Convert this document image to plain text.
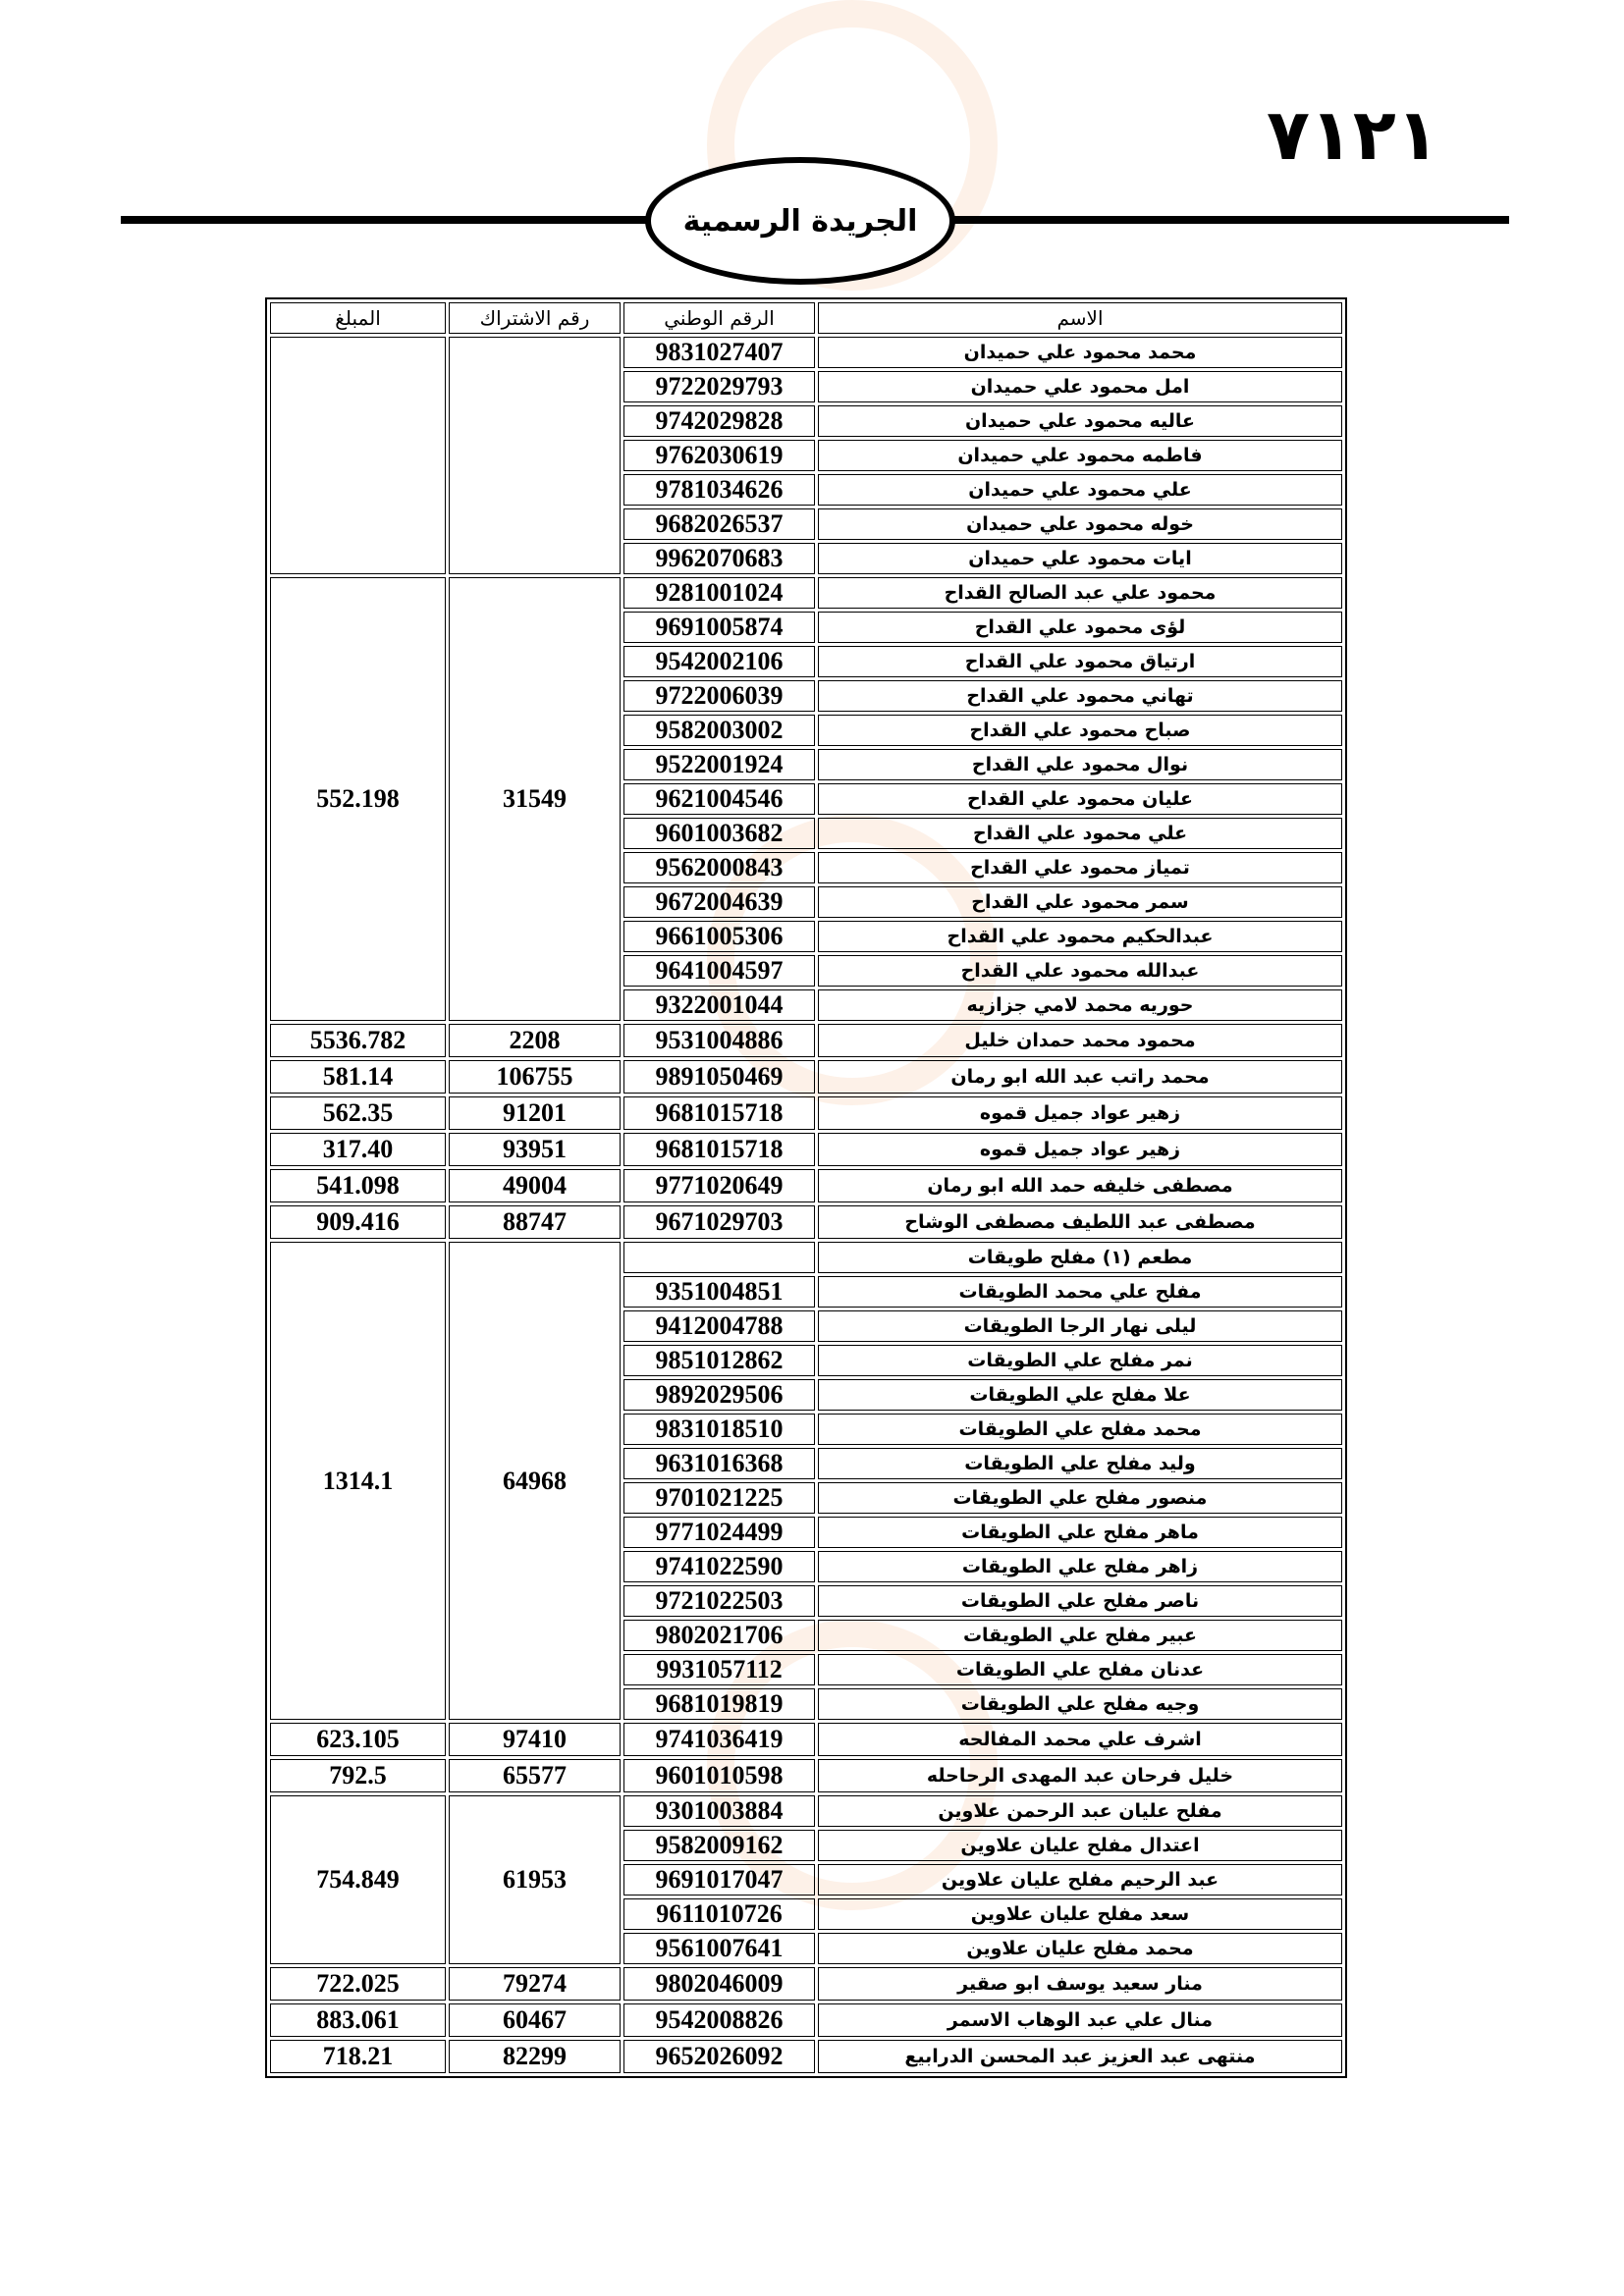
٧١٢١
الجريدة الرسمية
الاسم	الرقم الوطني	رقم الاشتراك	المبلغ
محمد محمود علي حميدان	9831027407	

امل محمود علي حميدان	9722029793		
عاليه محمود علي حميدان	9742029828		
فاطمه محمود علي حميدان	9762030619		
علي محمود علي حميدان	9781034626		
خوله محمود علي حميدان	9682026537		
ايات محمود علي حميدان	9962070683		
محمود علي عبد الصالح القداح	9281001024	31549	552.198

لؤى محمود علي القداح	9691005874		
ارتياق محمود علي القداح	9542002106		
تهاني محمود علي القداح	9722006039		
صباح محمود علي القداح	9582003002		
نوال محمود علي القداح	9522001924		
عليان محمود علي القداح	9621004546		
علي محمود علي القداح	9601003682		
تمياز محمود علي القداح	9562000843		
سمر محمود علي القداح	9672004639		
عبدالحكيم محمود علي القداح	9661005306		
عبدالله محمود علي القداح	9641004597		
حوريه محمد لامي جزازيه	9322001044		
محمود محمد حمدان خليل	9531004886	2208	5536.782

محمد راتب عبد الله ابو رمان	9891050469	106755	581.14

زهير عواد جميل قموه	9681015718	91201	562.35

زهير عواد جميل قموه	9681015718	93951	317.40

مصطفى خليفه حمد الله ابو رمان	9771020649	49004	541.098

مصطفى عبد اللطيف مصطفى الوشاح	9671029703	88747	909.416

مطعم (١) مفلح طويقات		64968	1314.1

مفلح علي محمد الطويقات	9351004851		
ليلى نهار الرجا الطويقات	9412004788		
نمر مفلح علي الطويقات	9851012862		
علا مفلح علي الطويقات	9892029506		
محمد مفلح علي الطويقات	9831018510		
وليد مفلح علي الطويقات	9631016368		
منصور مفلح علي الطويقات	9701021225		
ماهر مفلح علي الطويقات	9771024499		
زاهر مفلح علي الطويقات	9741022590		
ناصر مفلح علي الطويقات	9721022503		
عبير مفلح علي الطويقات	9802021706		
عدنان مفلح علي الطويقات	9931057112		
وجيه مفلح علي الطويقات	9681019819		
اشرف علي محمد المفالحه	9741036419	97410	623.105

خليل فرحان عبد المهدى الرحاحله	9601010598	65577	792.5

مفلح عليان عبد الرحمن علاوين	9301003884	61953	754.849

اعتدال مفلح عليان علاوين	9582009162		
عبد الرحيم مفلح عليان علاوين	9691017047		
سعد مفلح عليان علاوين	9611010726		
محمد مفلح عليان علاوين	9561007641		
منار سعيد يوسف ابو صقير	9802046009	79274	722.025

منال علي عبد الوهاب الاسمر	9542008826	60467	883.061

منتهى عبد العزيز عبد المحسن الدرابيع	9652026092	82299	718.21
